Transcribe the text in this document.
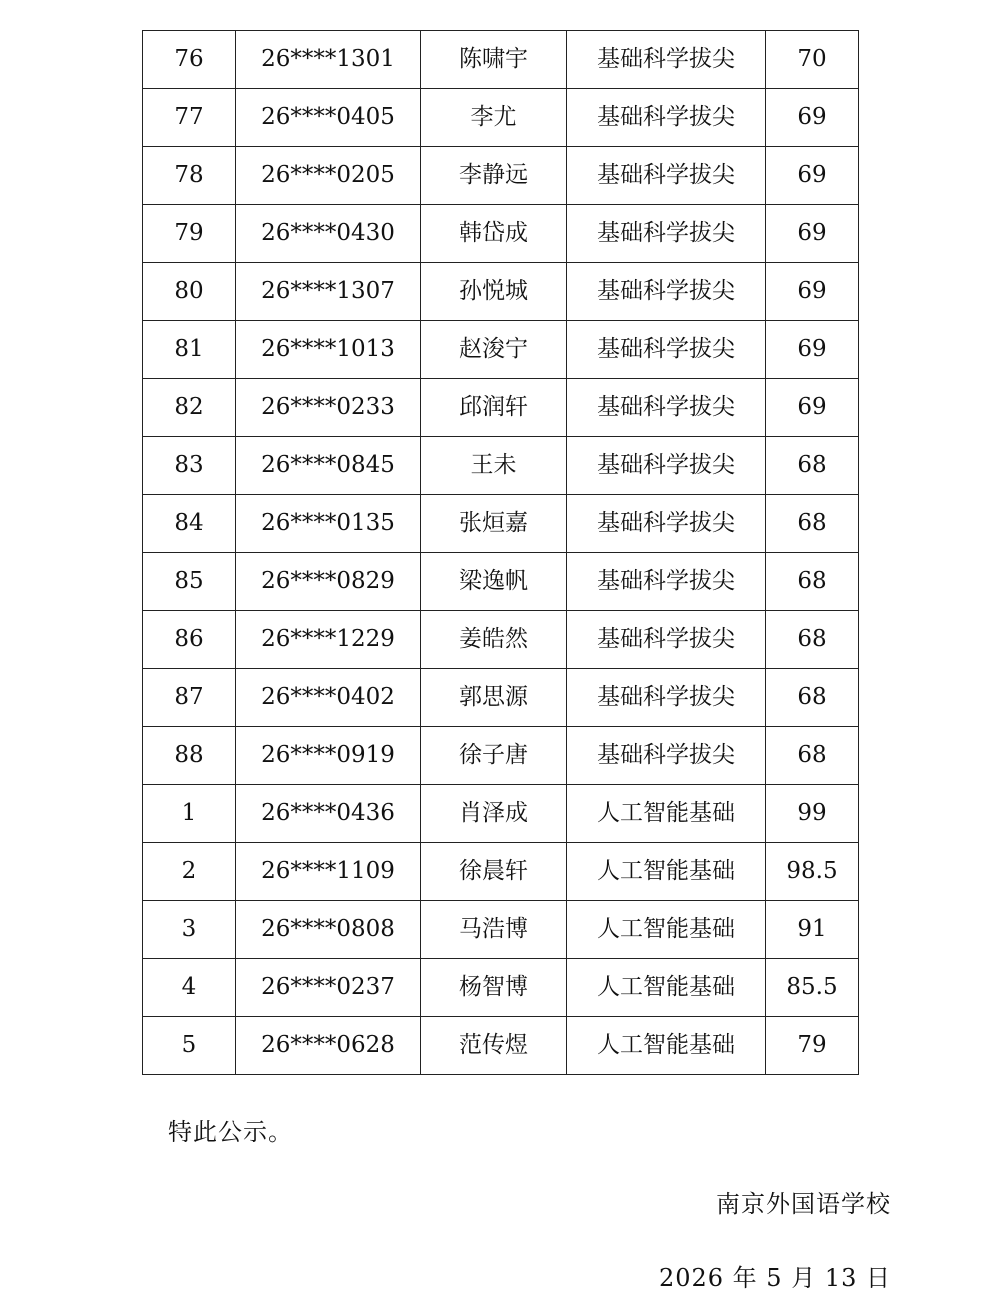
76	26****1301	陈啸宇	基础科学拔尖	70
77	26****0405	李尤	基础科学拔尖	69
78	26****0205	李静远	基础科学拔尖	69
79	26****0430	韩岱成	基础科学拔尖	69
80	26****1307	孙悦城	基础科学拔尖	69
81	26****1013	赵浚宁	基础科学拔尖	69
82	26****0233	邱润轩	基础科学拔尖	69
83	26****0845	王未	基础科学拔尖	68
84	26****0135	张烜嘉	基础科学拔尖	68
85	26****0829	梁逸帆	基础科学拔尖	68
86	26****1229	姜皓然	基础科学拔尖	68
87	26****0402	郭思源	基础科学拔尖	68
88	26****0919	徐子唐	基础科学拔尖	68
1	26****0436	肖泽成	人工智能基础	99
2	26****1109	徐晨轩	人工智能基础	98.5
3	26****0808	马浩博	人工智能基础	91
4	26****0237	杨智博	人工智能基础	85.5
5	26****0628	范传煜	人工智能基础	79
特此公示。
南京外国语学校
2026 年 5 月 13 日
